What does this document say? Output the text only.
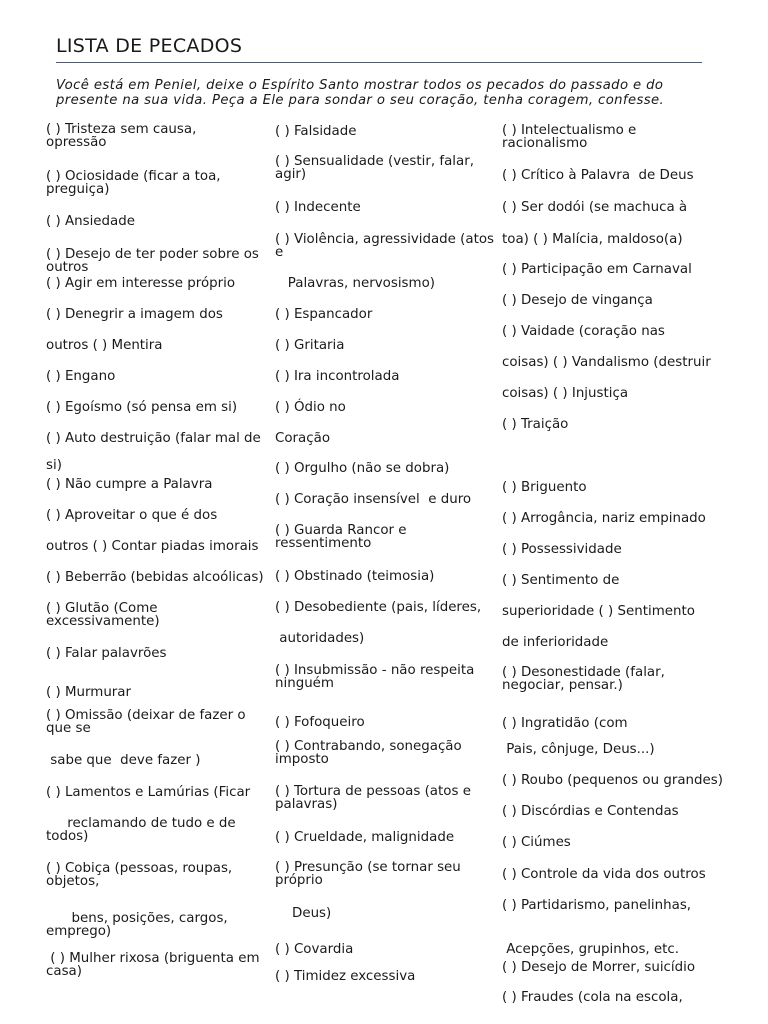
LISTA DE PECADOS
Você está em Peniel, deixe o Espírito Santo mostrar todos os pecados do passado e do
presente na sua vida. Peça a Ele para sondar o seu coração, tenha coragem, confesse.
( ) Tristeza sem causa,
opressão
( ) Ociosidade (ficar a toa,
preguiça)
( ) Ansiedade
( ) Desejo de ter poder sobre os
outros
( ) Agir em interesse próprio
( ) Denegrir a imagem dos
outros ( ) Mentira
( ) Engano
( ) Egoísmo (só pensa em si)
( ) Auto destruição (falar mal de
si)
( ) Não cumpre a Palavra
( ) Aproveitar o que é dos
outros ( ) Contar piadas imorais
( ) Beberrão (bebidas alcoólicas)
( ) Glutão (Come
excessivamente)
( ) Falar palavrões
( ) Murmurar
( ) Omissão (deixar de fazer o
que se
sabe que  deve fazer )
( ) Lamentos e Lamúrias (Ficar
reclamando de tudo e de
todos)
( ) Cobiça (pessoas, roupas,
objetos,
bens, posições, cargos,
emprego)
( ) Mulher rixosa (briguenta em
casa)
( ) Falsidade
( ) Sensualidade (vestir, falar,
agir)
( ) Indecente
( ) Violência, agressividade (atos
e
Palavras, nervosismo)
( ) Espancador
( ) Gritaria
( ) Ira incontrolada
( ) Ódio no
Coração
( ) Orgulho (não se dobra)
( ) Coração insensível  e duro
( ) Guarda Rancor e
ressentimento
( ) Obstinado (teimosia)
( ) Desobediente (pais, líderes,
autoridades)
( ) Insubmissão - não respeita
ninguém
( ) Fofoqueiro
( ) Contrabando, sonegação
imposto
( ) Tortura de pessoas (atos e
palavras)
( ) Crueldade, malignidade
( ) Presunção (se tornar seu
próprio
Deus)
( ) Covardia
( ) Timidez excessiva
( ) Intelectualismo e
racionalismo
( ) Crítico à Palavra  de Deus
( ) Ser dodói (se machuca à
toa) ( ) Malícia, maldoso(a)
( ) Participação em Carnaval
( ) Desejo de vingança
( ) Vaidade (coração nas
coisas) ( ) Vandalismo (destruir
coisas) ( ) Injustiça
( ) Traição
( ) Briguento
( ) Arrogância, nariz empinado
( ) Possessividade
( ) Sentimento de
superioridade ( ) Sentimento
de inferioridade
( ) Desonestidade (falar,
negociar, pensar.)
( ) Ingratidão (com
Pais, cônjuge, Deus...)
( ) Roubo (pequenos ou grandes)
( ) Discórdias e Contendas
( ) Ciúmes
( ) Controle da vida dos outros
( ) Partidarismo, panelinhas,
Acepções, grupinhos, etc.
( ) Desejo de Morrer, suicídio
( ) Fraudes (cola na escola,
